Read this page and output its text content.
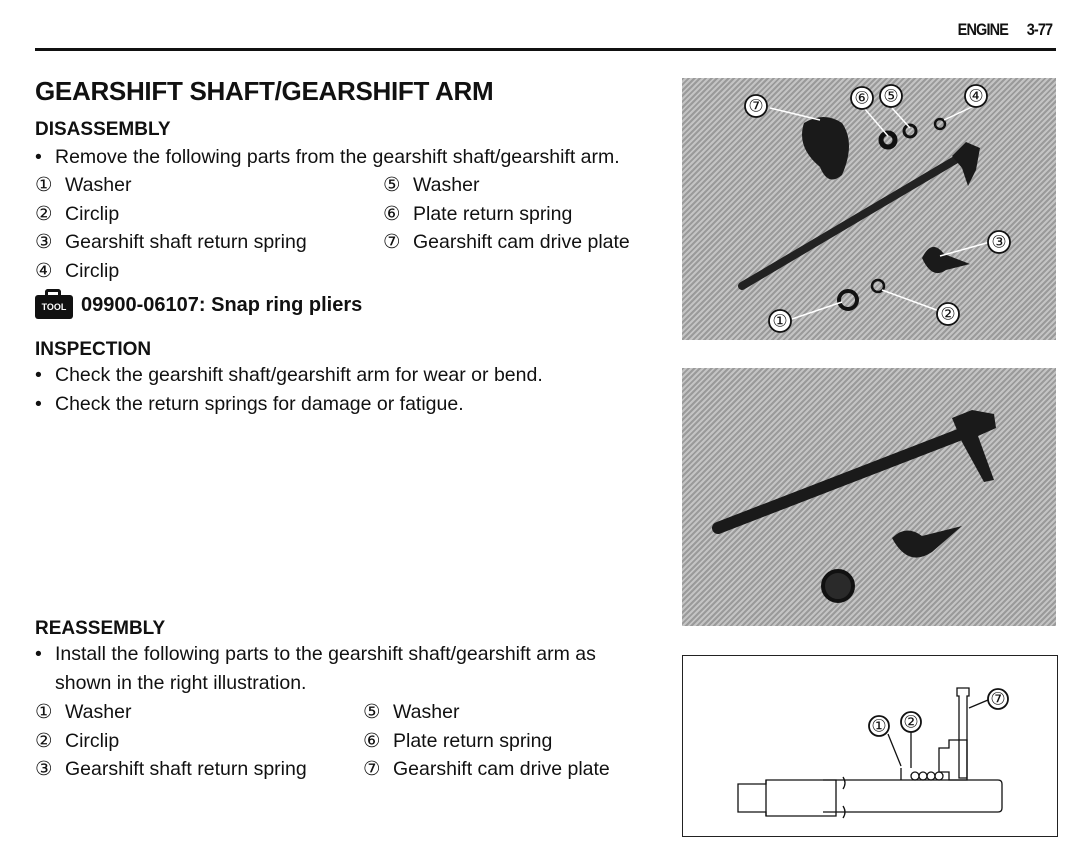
ENGINE 3-77
GEARSHIFT SHAFT/GEARSHIFT ARM
DISASSEMBLY
• Remove the following parts from the gearshift shaft/gearshift arm.
① Washer	⑤ Washer
② Circlip	⑥ Plate return spring
③ Gearshift shaft return spring	⑦ Gearshift cam drive plate
④ Circlip
TOOL 09900-06107: Snap ring pliers
INSPECTION
• Check the gearshift shaft/gearshift arm for wear or bend.
• Check the return springs for damage or fatigue.
REASSEMBLY
• Install the following parts to the gearshift shaft/gearshift arm as shown in the right illustration.
① Washer	⑤ Washer
② Circlip	⑥ Plate return spring
③ Gearshift shaft return spring	⑦ Gearshift cam drive plate
⑦	⑥ ⑤	④
③
①	②
① ②
⑦
